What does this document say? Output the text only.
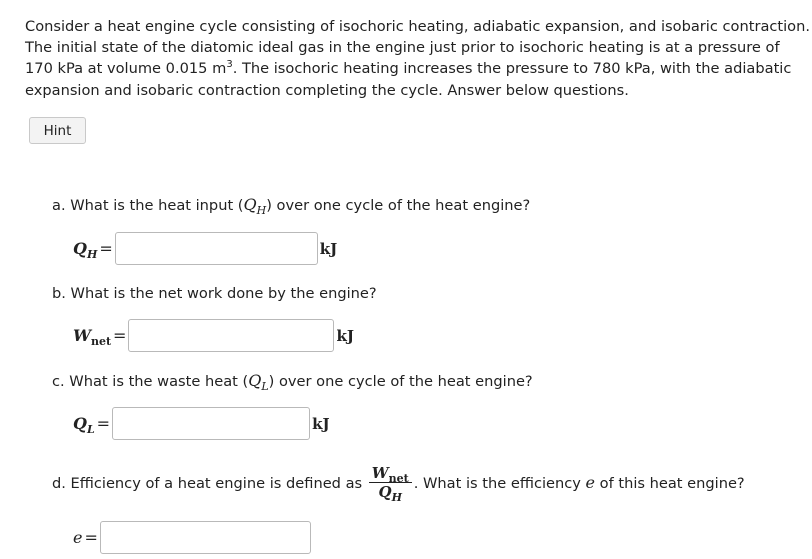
Consider a heat engine cycle consisting of isochoric heating, adiabatic expansion, and isobaric contraction. The initial state of the diatomic ideal gas in the engine just prior to isochoric heating is at a pressure of 170 kPa at volume 0.015 $m^3$. The isochoric heating increases the pressure to 780 kPa, with the adiabatic expansion and isobaric contraction completing the cycle. Answer below questions.

Hint

a. What is the heat input $(Q_H)$ over one cycle of the heat engine?

$Q_H$ =	kJ

b. What is the net work done by the engine?

$W_{net}$ =	kJ

c. What is the waste heat $(Q_L)$ over one cycle of the heat engine?

$Q_L$ =	kJ

d. Efficiency of a heat engine is defined as $\frac{W_{net}}{Q_H}$ . What is the efficiency e of this heat engine?

e =
